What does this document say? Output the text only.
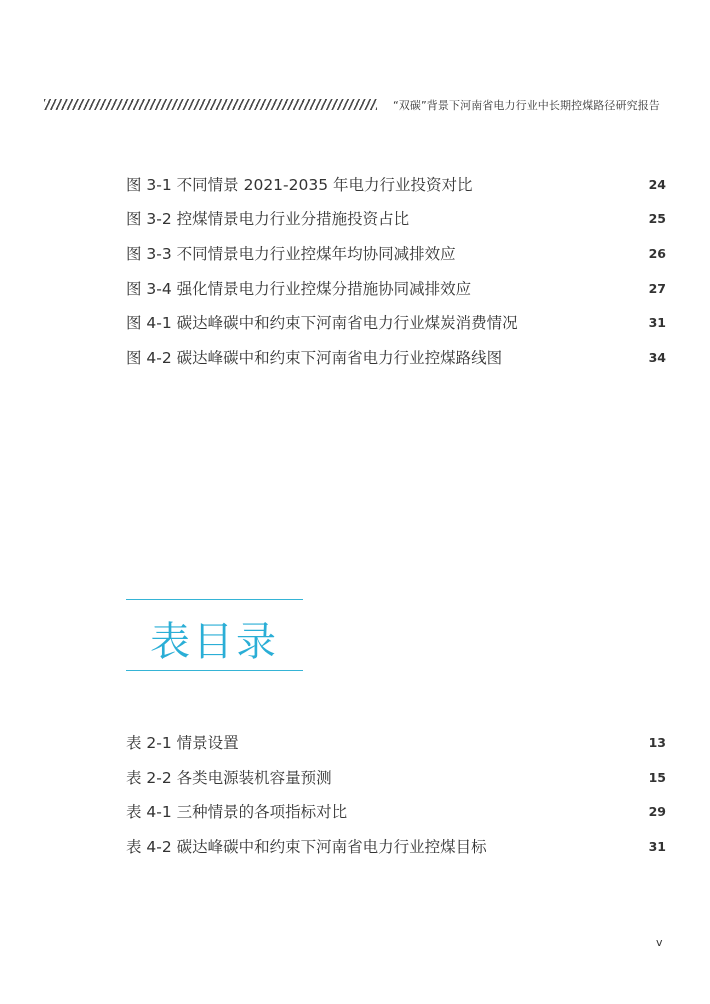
“双碳”背景下河南省电力行业中长期控煤路径研究报告
图 3-1 不同情景 2021-2035 年电力行业投资对比	24
图 3-2 控煤情景电力行业分措施投资占比	25
图 3-3 不同情景电力行业控煤年均协同减排效应	26
图 3-4 强化情景电力行业控煤分措施协同减排效应	27
图 4-1 碳达峰碳中和约束下河南省电力行业煤炭消费情况	31
图 4-2 碳达峰碳中和约束下河南省电力行业控煤路线图	34
表目录
表 2-1 情景设置	13
表 2-2 各类电源装机容量预测	15
表 4-1 三种情景的各项指标对比	29
表 4-2 碳达峰碳中和约束下河南省电力行业控煤目标	31
v
